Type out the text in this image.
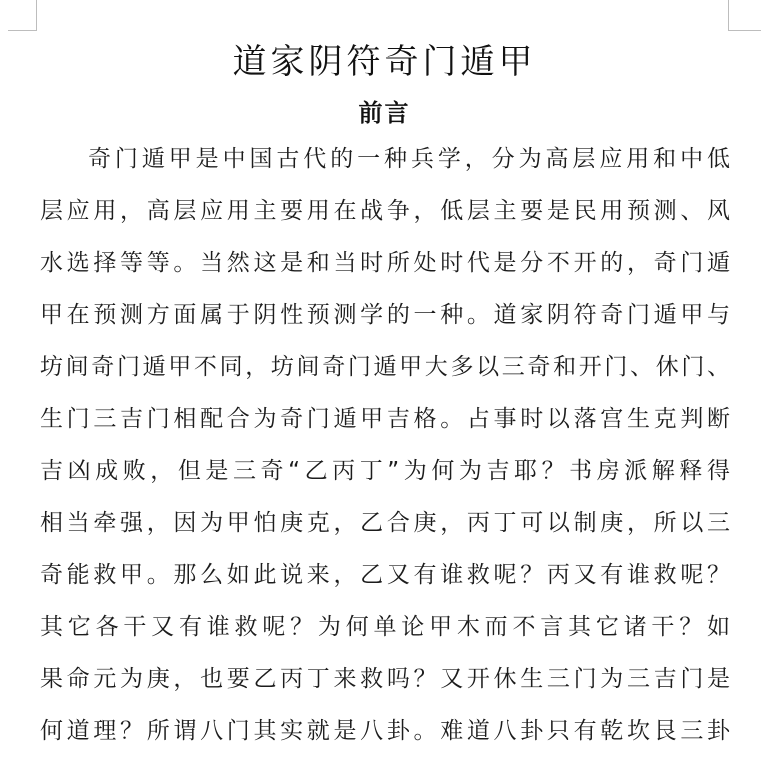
道家阴符奇门遁甲
前言
奇门遁甲是中国古代的一种兵学，分为高层应用和中低
层应用，高层应用主要用在战争，低层主要是民用预测、风
水选择等等。当然这是和当时所处时代是分不开的，奇门遁
甲在预测方面属于阴性预测学的一种。道家阴符奇门遁甲与
坊间奇门遁甲不同，坊间奇门遁甲大多以三奇和开门、休门、
生门三吉门相配合为奇门遁甲吉格。占事时以落宫生克判断
吉凶成败，但是三奇“乙丙丁”为何为吉耶？书房派解释得
相当牵强，因为甲怕庚克，乙合庚，丙丁可以制庚，所以三
奇能救甲。那么如此说来，乙又有谁救呢？丙又有谁救呢？
其它各干又有谁救呢？为何单论甲木而不言其它诸干？如
果命元为庚，也要乙丙丁来救吗？又开休生三门为三吉门是
何道理？所谓八门其实就是八卦。难道八卦只有乾坎艮三卦
